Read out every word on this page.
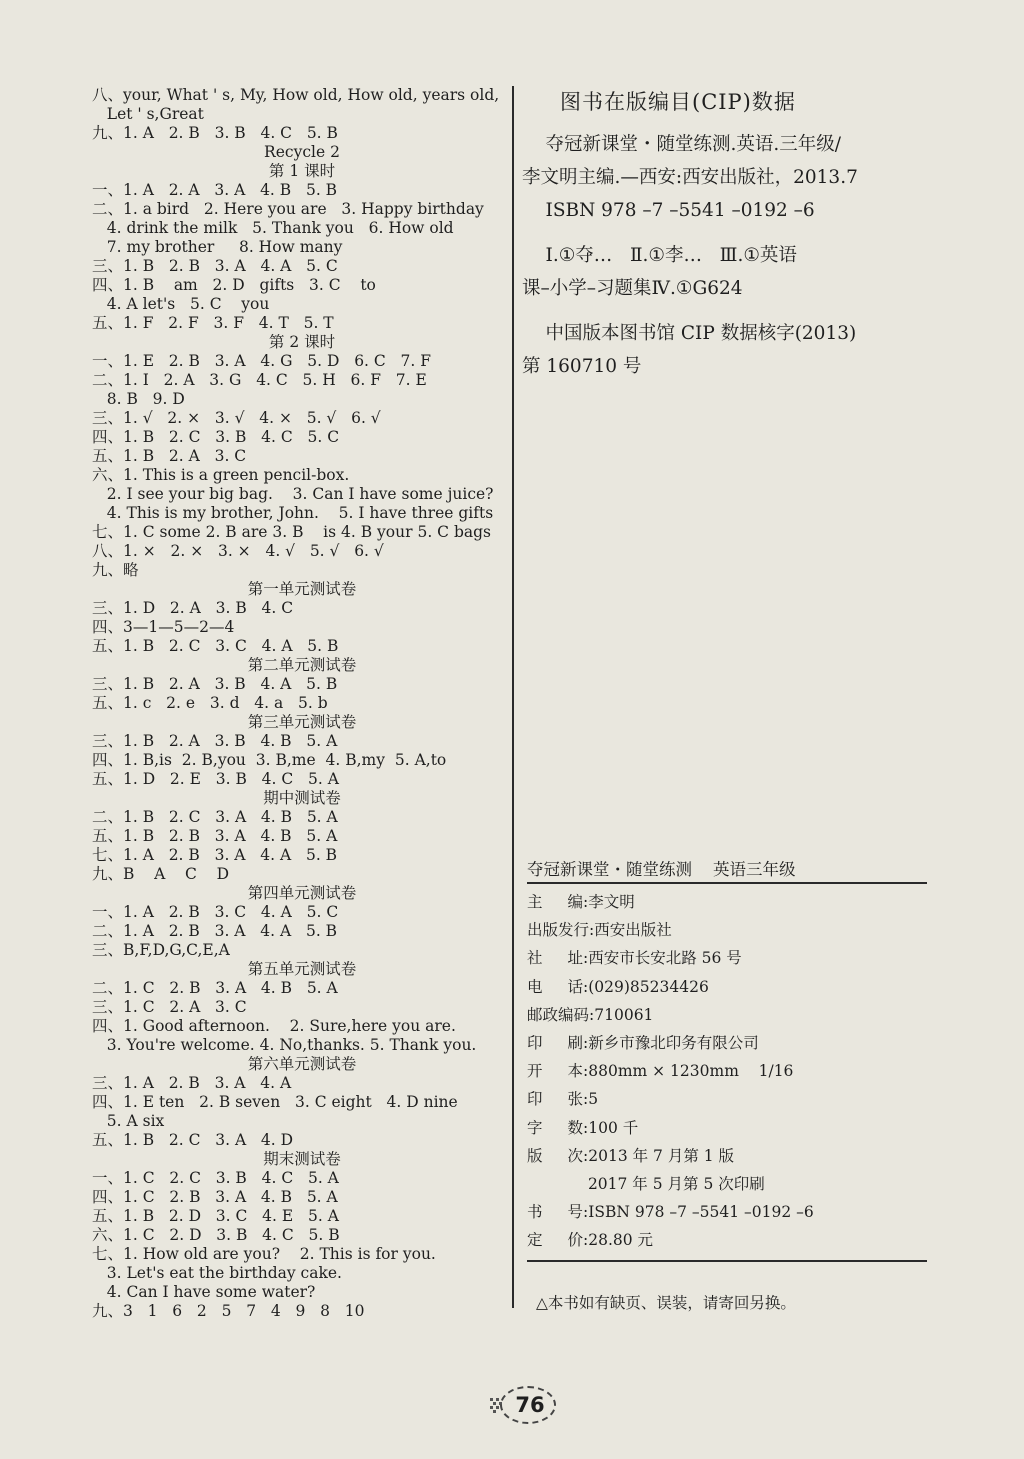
八、your, What ' s, My, How old, How old, years old,
Let ' s,Great
九、1. A   2. B   3. B   4. C   5. B
Recycle 2
第 1 课时
一、1. A   2. A   3. A   4. B   5. B
二、1. a bird   2. Here you are   3. Happy birthday
4. drink the milk   5. Thank you   6. How old
7. my brother     8. How many
三、1. B   2. B   3. A   4. A   5. C
四、1. B    am   2. D   gifts   3. C    to
4. A let's   5. C    you
五、1. F   2. F   3. F   4. T   5. T
第 2 课时
一、1. E   2. B   3. A   4. G   5. D   6. C   7. F
二、1. I   2. A   3. G   4. C   5. H   6. F   7. E
8. B   9. D
三、1. √   2. ×   3. √   4. ×   5. √   6. √
四、1. B   2. C   3. B   4. C   5. C
五、1. B   2. A   3. C
六、1. This is a green pencil-box.
2. I see your big bag.    3. Can I have some juice?
4. This is my brother, John.    5. I have three gifts
七、1. C some 2. B are 3. B    is 4. B your 5. C bags
八、1. ×   2. ×   3. ×   4. √   5. √   6. √
九、略
第一单元测试卷
三、1. D   2. A   3. B   4. C
四、3—1—5—2—4
五、1. B   2. C   3. C   4. A   5. B
第二单元测试卷
三、1. B   2. A   3. B   4. A   5. B
五、1. c   2. e   3. d   4. a   5. b
第三单元测试卷
三、1. B   2. A   3. B   4. B   5. A
四、1. B,is  2. B,you  3. B,me  4. B,my  5. A,to
五、1. D   2. E   3. B   4. C   5. A
期中测试卷
二、1. B   2. C   3. A   4. B   5. A
五、1. B   2. B   3. A   4. B   5. A
七、1. A   2. B   3. A   4. A   5. B
九、B    A    C    D
第四单元测试卷
一、1. A   2. B   3. C   4. A   5. C
二、1. A   2. B   3. A   4. A   5. B
三、B,F,D,G,C,E,A
第五单元测试卷
二、1. C   2. B   3. A   4. B   5. A
三、1. C   2. A   3. C
四、1. Good afternoon.    2. Sure,here you are.
3. You're welcome. 4. No,thanks. 5. Thank you.
第六单元测试卷
三、1. A   2. B   3. A   4. A
四、1. E ten   2. B seven   3. C eight   4. D nine
5. A six
五、1. B   2. C   3. A   4. D
期末测试卷
一、1. C   2. C   3. B   4. C   5. A
四、1. C   2. B   3. A   4. B   5. A
五、1. B   2. D   3. C   4. E   5. A
六、1. C   2. D   3. B   4. C   5. B
七、1. How old are you?    2. This is for you.
3. Let's eat the birthday cake.
4. Can I have some water?
九、3   1   6   2   5   7   4   9   8   10
图书在版编目(CIP)数据
夺冠新课堂・随堂练测.英语.三年级/
李文明主编.—西安:西安出版社，2013.7
ISBN 978 –7 –5541 –0192 –6
Ⅰ.①夺…   Ⅱ.①李…   Ⅲ.①英语
课–小学–习题集Ⅳ.①G624
中国版本图书馆 CIP 数据核字(2013)
第 160710 号
夺冠新课堂・随堂练测    英语三年级
主 编 : 李文明
出版发行 : 西安出版社
社 址 : 西安市长安北路 56 号
电 话 : (029)85234426
邮政编码 : 710061
印 刷 : 新乡市豫北印务有限公司
开 本 : 880mm × 1230mm    1/16
印 张 : 5
字 数 : 100 千
版 次 : 2013 年 7 月第 1 版

2017 年 5 月第 5 次印刷
书 号 : ISBN 978 –7 –5541 –0192 –6
定 价 : 28.80 元
△本书如有缺页、误装，请寄回另换。
76
